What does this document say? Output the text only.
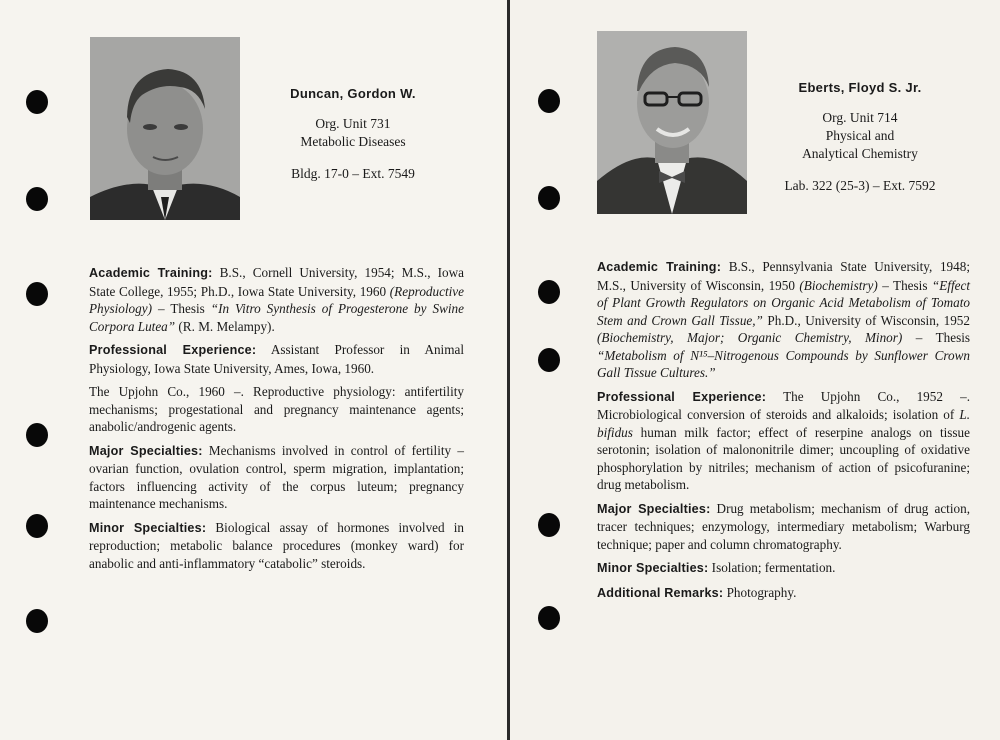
Duncan, Gordon W.
Org. Unit 731
Metabolic Diseases
Bldg. 17-0 – Ext. 7549

Academic Training: B.S., Cornell University, 1954; M.S., Iowa State College, 1955; Ph.D., Iowa State University, 1960 (Reproductive Physiology) – Thesis “In Vitro Synthesis of Progesterone by Swine Corpora Lutea” (R. M. Melampy).

Professional Experience: Assistant Professor in Animal Physiology, Iowa State University, Ames, Iowa, 1960.

The Upjohn Co., 1960 –. Reproductive physiology: antifertility mechanisms; progestational and pregnancy maintenance agents; anabolic/androgenic agents.

Major Specialties: Mechanisms involved in control of fertility – ovarian function, ovulation control, sperm migration, implantation; factors influencing activity of the corpus luteum; pregnancy maintenance mechanisms.

Minor Specialties: Biological assay of hormones involved in reproduction; metabolic balance procedures (monkey ward) for anabolic and anti-inflammatory “catabolic” steroids.

Eberts, Floyd S. Jr.
Org. Unit 714
Physical and
Analytical Chemistry
Lab. 322 (25-3) – Ext. 7592

Academic Training: B.S., Pennsylvania State University, 1948; M.S., University of Wisconsin, 1950 (Biochemistry) – Thesis “Effect of Plant Growth Regulators on Organic Acid Metabolism of Tomato Stem and Crown Gall Tissue,” Ph.D., University of Wisconsin, 1952 (Biochemistry, Major; Organic Chemistry, Minor) – Thesis “Metabolism of N¹⁵–Nitrogenous Compounds by Sunflower Crown Gall Tissue Cultures.”

Professional Experience: The Upjohn Co., 1952 –. Microbiological conversion of steroids and alkaloids; isolation of L. bifidus human milk factor; effect of reserpine analogs on tissue serotonin; isolation of malononitrile dimer; uncoupling of oxidative phosphorylation by nitriles; mechanism of action of psicofuranine; drug metabolism.

Major Specialties: Drug metabolism; mechanism of drug action, tracer techniques; enzymology, intermediary metabolism; Warburg technique; paper and column chromatography.

Minor Specialties: Isolation; fermentation.

Additional Remarks: Photography.
